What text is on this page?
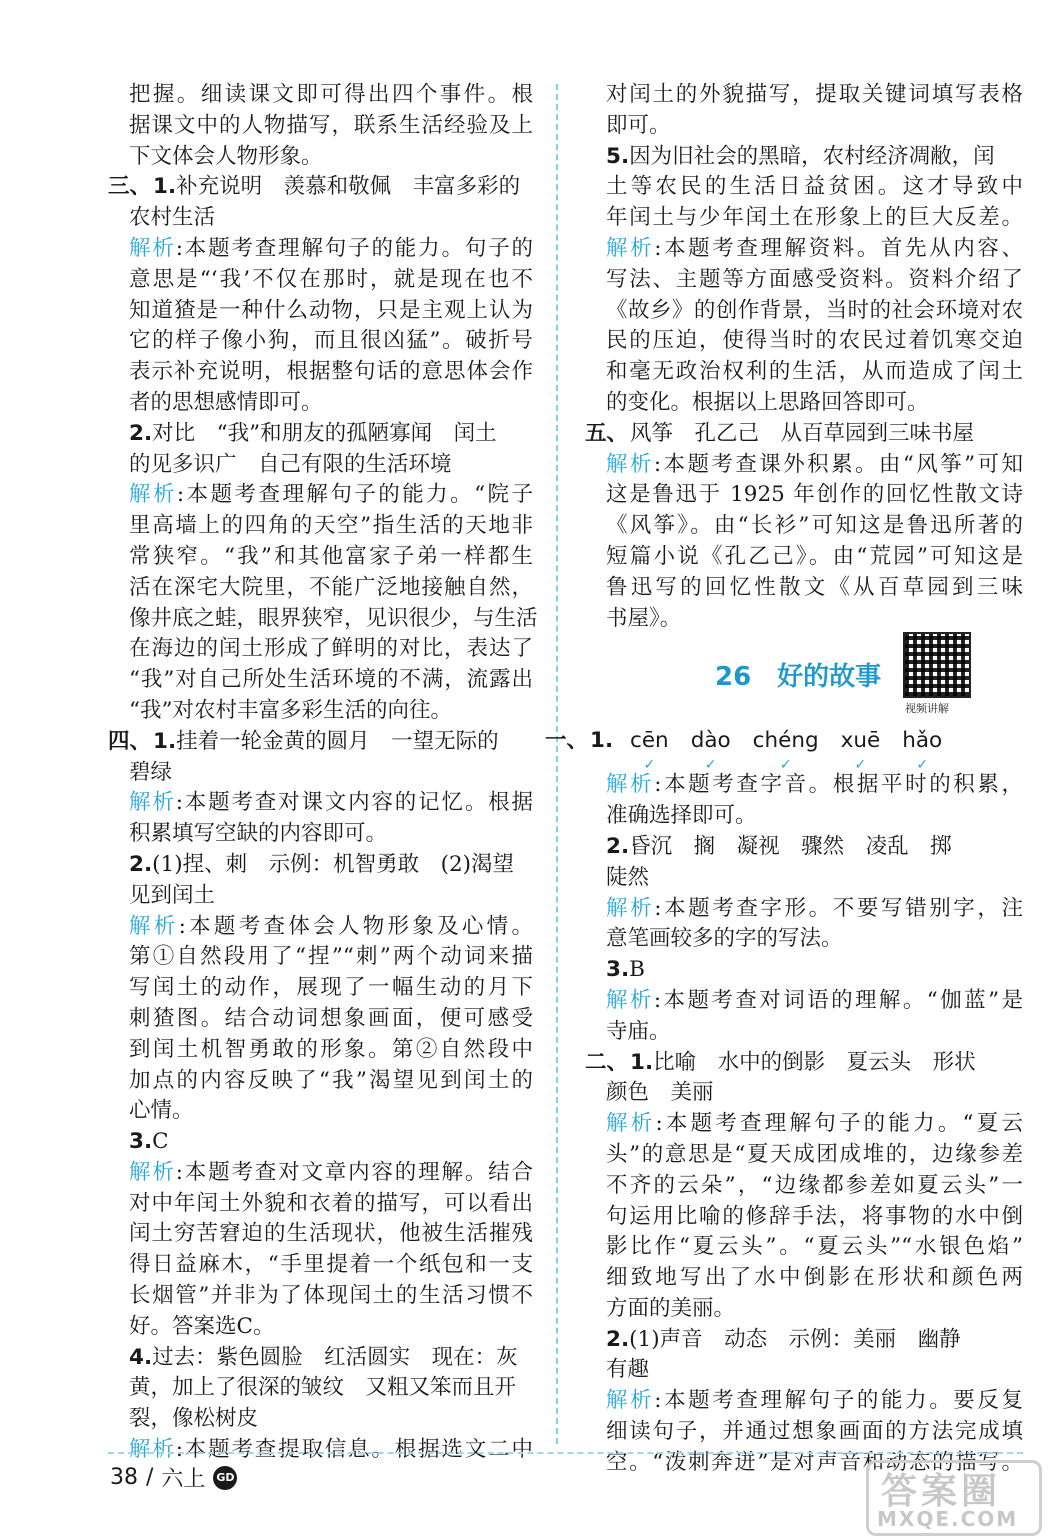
把握。细读课文即可得出四个事件。根
据课文中的人物描写，联系生活经验及上
下文体会人物形象。
三、1.补充说明　羡慕和敬佩　丰富多彩的
农村生活
解析:本题考查理解句子的能力。句子的
意思是“‘我’不仅在那时，就是现在也不
知道猹是一种什么动物，只是主观上认为
它的样子像小狗，而且很凶猛”。破折号
表示补充说明，根据整句话的意思体会作
者的思想感情即可。
2.对比　“我”和朋友的孤陋寡闻　闰土
的见多识广　自己有限的生活环境
解析:本题考查理解句子的能力。“院子
里高墙上的四角的天空”指生活的天地非
常狭窄。“我”和其他富家子弟一样都生
活在深宅大院里，不能广泛地接触自然，
像井底之蛙，眼界狭窄，见识很少，与生活
在海边的闰土形成了鲜明的对比，表达了
“我”对自己所处生活环境的不满，流露出
“我”对农村丰富多彩生活的向往。
四、1.挂着一轮金黄的圆月　一望无际的
碧绿
解析:本题考查对课文内容的记忆。根据
积累填写空缺的内容即可。
2.(1)捏、刺　示例：机智勇敢　(2)渴望
见到闰土
解析:本题考查体会人物形象及心情。
第①自然段用了“捏”“刺”两个动词来描
写闰土的动作，展现了一幅生动的月下
刺猹图。结合动词想象画面，便可感受
到闰土机智勇敢的形象。第②自然段中
加点的内容反映了“我”渴望见到闰土的
心情。
3.C
解析:本题考查对文章内容的理解。结合
对中年闰土外貌和衣着的描写，可以看出
闰土穷苦窘迫的生活现状，他被生活摧残
得日益麻木，“手里提着一个纸包和一支
长烟管”并非为了体现闰土的生活习惯不
好。答案选C。
4.过去：紫色圆脸　红活圆实　现在：灰
黄，加上了很深的皱纹　又粗又笨而且开
裂，像松树皮
解析:本题考查提取信息。根据选文二中
对闰土的外貌描写，提取关键词填写表格
即可。
5.因为旧社会的黑暗，农村经济凋敝，闰
土等农民的生活日益贫困。这才导致中
年闰土与少年闰土在形象上的巨大反差。
解析:本题考查理解资料。首先从内容、
写法、主题等方面感受资料。资料介绍了
《故乡》的创作背景，当时的社会环境对农
民的压迫，使得当时的农民过着饥寒交迫
和毫无政治权利的生活，从而造成了闰土
的变化。根据以上思路回答即可。
五、风筝　孔乙己　从百草园到三味书屋
解析:本题考查课外积累。由“风筝”可知
这是鲁迅于 1925 年创作的回忆性散文诗
《风筝》。由“长衫”可知这是鲁迅所著的
短篇小说《孔乙己》。由“荒园”可知这是
鲁迅写的回忆性散文《从百草园到三味
书屋》。
26　好的故事
视频讲解
一、1. cēn
✓
dào
✓
chéng
✓
xuē
✓
hǎo
✓
解析:本题考查字音。根据平时的积累，
准确选择即可。
2.昏沉　搁　凝视　骤然　凌乱　掷
陡然
解析:本题考查字形。不要写错别字，注
意笔画较多的字的写法。
3.B
解析:本题考查对词语的理解。“伽蓝”是
寺庙。
二、1.比喻　水中的倒影　夏云头　形状
颜色　美丽
解析:本题考查理解句子的能力。“夏云
头”的意思是“夏天成团成堆的，边缘参差
不齐的云朵”，“边缘都参差如夏云头”一
句运用比喻的修辞手法，将事物的水中倒
影比作“夏云头”。“夏云头”“水银色焰”
细致地写出了水中倒影在形状和颜色两
方面的美丽。
2.(1)声音　动态　示例：美丽　幽静
有趣
解析:本题考查理解句子的能力。要反复
细读句子，并通过想象画面的方法完成填
空。“泼刺奔迸”是对声音和动态的描写。
38 / 六上 GD	答案圈
MXQE.COM
